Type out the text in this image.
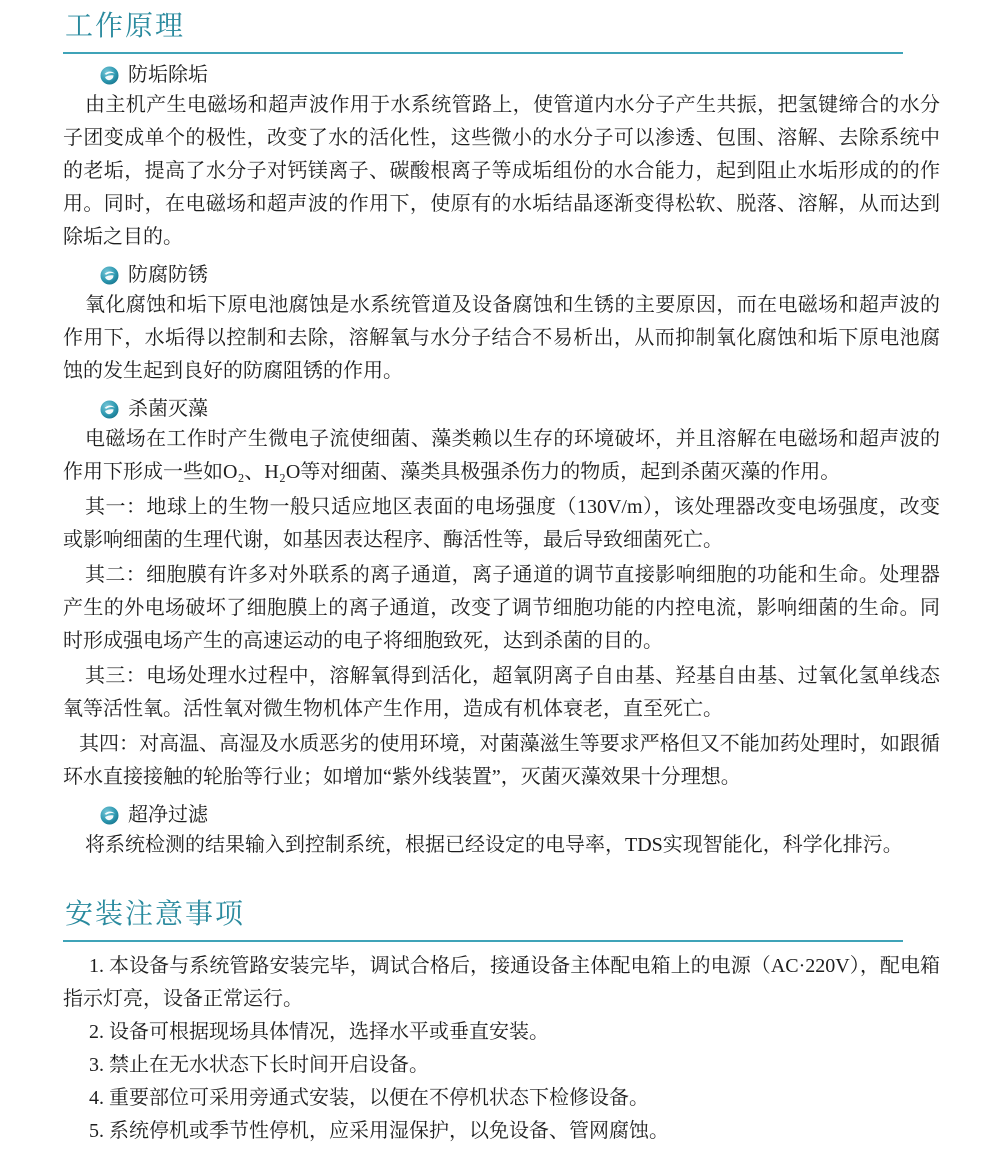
工作原理
防垢除垢

由主机产生电磁场和超声波作用于水系统管路上，使管道内水分子产生共振，把氢键缔合的水分子团变成单个的极性，改变了水的活化性，这些微小的水分子可以渗透、包围、溶解、去除系统中的老垢，提高了水分子对钙镁离子、碳酸根离子等成垢组份的水合能力，起到阻止水垢形成的的作用。同时，在电磁场和超声波的作用下，使原有的水垢结晶逐渐变得松软、脱落、溶解，从而达到除垢之目的。

防腐防锈

氧化腐蚀和垢下原电池腐蚀是水系统管道及设备腐蚀和生锈的主要原因，而在电磁场和超声波的作用下，水垢得以控制和去除，溶解氧与水分子结合不易析出，从而抑制氧化腐蚀和垢下原电池腐蚀的发生起到良好的防腐阻锈的作用。

杀菌灭藻

电磁场在工作时产生微电子流使细菌、藻类赖以生存的环境破坏，并且溶解在电磁场和超声波的作用下形成一些如O₂、H₂O等对细菌、藻类具极强杀伤力的物质，起到杀菌灭藻的作用。

其一：地球上的生物一般只适应地区表面的电场强度（130V/m），该处理器改变电场强度，改变或影响细菌的生理代谢，如基因表达程序、酶活性等，最后导致细菌死亡。

其二：细胞膜有许多对外联系的离子通道，离子通道的调节直接影响细胞的功能和生命。处理器产生的外电场破坏了细胞膜上的离子通道，改变了调节细胞功能的内控电流，影响细菌的生命。同时形成强电场产生的高速运动的电子将细胞致死，达到杀菌的目的。

其三：电场处理水过程中，溶解氧得到活化，超氧阴离子自由基、羟基自由基、过氧化氢单线态氧等活性氧。活性氧对微生物机体产生作用，造成有机体衰老，直至死亡。

其四：对高温、高湿及水质恶劣的使用环境，对菌藻滋生等要求严格但又不能加药处理时，如跟循环水直接接触的轮胎等行业；如增加“紫外线装置”，灭菌灭藻效果十分理想。

超净过滤

将系统检测的结果输入到控制系统，根据已经设定的电导率，TDS实现智能化，科学化排污。

安装注意事项

1. 本设备与系统管路安装完毕，调试合格后，接通设备主体配电箱上的电源（AC·220V），配电箱指示灯亮，设备正常运行。

2. 设备可根据现场具体情况，选择水平或垂直安装。

3. 禁止在无水状态下长时间开启设备。

4. 重要部位可采用旁通式安装，以便在不停机状态下检修设备。

5. 系统停机或季节性停机，应采用湿保护，以免设备、管网腐蚀。
